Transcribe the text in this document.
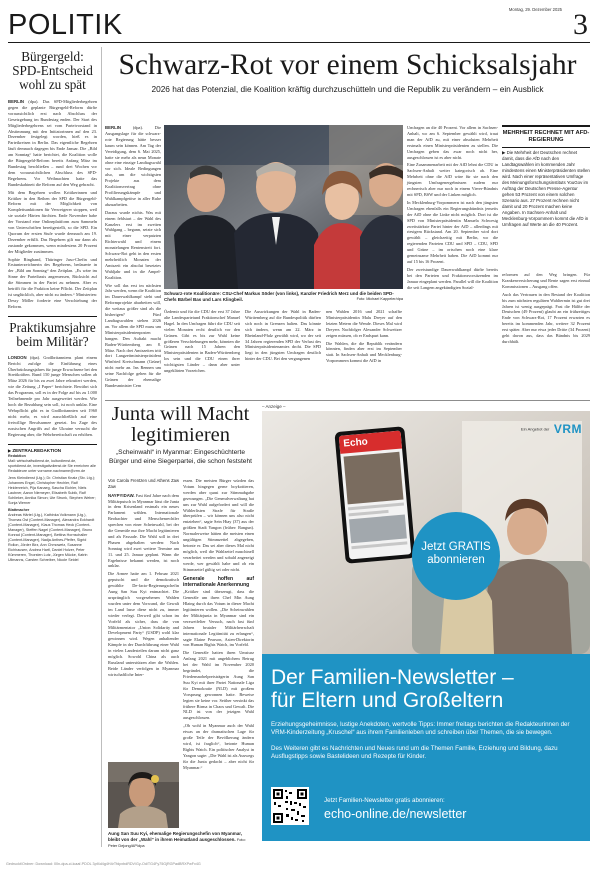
Montag, 29. Dezember 2025
POLITIK	3
Bürgergeld: SPD-Entscheid wohl zu spät

BERLIN (dpa). Das SPD-Mitgliederbegehren gegen die geplante Bürgergeld-Reform dürfte voraussichtlich erst nach Abschluss der Gesetzgebung im Bundestag enden. Der Start des Mitgliederbegehrens sei vom Parteivorstand in Abstimmung mit den Initiatorinnen auf den 23. Dezember festgelegt worden, hieß es in Parteikreisen in Berlin. Das eigentliche Begehren läuft demnach dagegen bis Ende Januar. Die „Bild am Sonntag“ hatte berichtet, die Koalition wolle die Bürgergeld-Reform bereits Anfang März im Bundestag beschließen – rund drei Wochen vor dem voraussichtlichen Abschluss des SPD-Begehrens. Vor Weihnachten hatte das Bundeskabinett die Reform auf den Weg gebracht.

Mit dem Begehren wollen Kritikerinnen und Kritiker in den Reihen der SPD die Bürgergeld-Reform mit der Möglichkeit von Komplettsanktionen für Verweigerer stoppen, weil sie soziale Härten fürchten. Ende November habe der Vorstand eine Onlineplattform zum Sammeln von Unterschriften bereitgestellt, so die SPD. Ein Quorum der ersten Stufe wurde demnach am 19. Dezember erfüllt. Das Begehren gilt nur dann als zustande gekommen, wenn mindestens 20 Prozent der Mitglieder zustimmen.

Sophie Ringhand, Thüringer Juso-Chefin und Erstunterzeichnerin des Begehrens, bedauerte in der „Bild am Sonntag“ den Zeitplan. „Es wäre im Sinne der Parteibasis angemessen, Rücksicht auf die Stimmen in der Partei zu nehmen. Aber es betrifft für die Fraktion keine Pflicht. Der Zeitplan ist unglücklich, aber nicht zu ändern.“ Ministerien: Dessy Möller forderte eine Verschiebung der Reform.

Praktikumsjahre beim Militär?

LONDON (dpa). Großbritanniens plant einem Bericht zufolge die Einführung eines Überbrückungsjahres für junge Erwachsene bei den Streitkräften. Rund 150 junge Menschen sollen ab März 2026 für bis zu zwei Jahre rekrutiert werden, wie die Zeitung „I Paper“ berichtete. Bewährt sich das Programm, soll es in der Folge auf bis zu 1.000 Teilnehmende pro Jahr ausgeweitet werden. Wie hoch die Bezahlung sein soll, ist noch unklar. Eine Wehrpflicht gibt es in Großbritannien seit 1960 nicht mehr, es wird ausschließlich auf eine freiwillige Berufsarmee gesetzt. Im Zuge des russischen Angriffs auf die Ukraine versucht die Regierung aber, die Wehrbereitschaft zu erhöhen.

▶ ZENTRALREDAKTION
Redaktion
Mail: wirtschaftsdienst.de, kulturdienst.de, sportdienst.de, investigativdienst.de Sie erreichen alle Redakteure unter vorname.nachname@vrm.de
Jens Kleindienst (Ltg.); Dr. Christian Knatz (Stv. Ltg.); Johannes Engel, Christopher Hechler, Ralf Heidenreich, Pija Kanaeg, Sascha Eichler, Niels Laubner, Aaron Niemeyer, Elisabeth Subik, Ralf Schlieker, Annika Simon; Ute Strunk, Stephen Weber; Sonja Werner
Blattmacher
Andreas Härtel (Ltg.), Kathinka Volkmann (Ltg.), Thomas Ost (Content-Manager), Alexandra Eckhardt (Content-Manager), Klaus Thomas Heck (Content-Manager), Steffen Nagel (Content-Manager), Bruno Konrad (Content-Manager), Bettina Hornschaller (Content-Manager), Nadja Anthes-Pfeifer, Sigrid Rollon, Jörder Birz, Ann Chmowetz, Susanne Eichhausen, Andrea Hartl, Daniel Holzer, Peter Kümmeren, Thorsten Lutz, Jürgen Mücke, Katrin Ullmanns, Carsten Schreiber, Nicole Seidel
Schwarz-Rot vor einem Schicksalsjahr
2026 hat das Potenzial, die Koalition kräftig durchzuschütteln und die Republik zu verändern – ein Ausblick

BERLIN	(dpa).	Die Ausgangslage für die schwarz-rote Regierung hätte besser kaum sein können. Am Tag der Vereidigung, dem 6. Mai 2025, hatte sie mehr als neun Monate ohne eine einzige Landtagswahl vor sich. Ideale Bedingungen also, um die wichtigsten Projekte aus dem Koalitionsvertrag ohne Profilierungskämpfe und Wahlkampfgetöse in aller Ruhe abzuarbeiten.

Daraus wurde nichts. Was mit einem fehlstart – der Wahl des Kanzlers erst im zweiten Wahlgang – begann, setzte sich mit einer verpatzten Richterwahl und einem monatelangen Rentenstreit fort. Schwarz-Rot geht in den ersten mehrheitlich Monaten der Amtszeit ein absolut besetztes Wahljahr und in die Ampel-Koalition.

Wie soll das erst im nächsten Jahr werden, wenn die Koalition im Dauerwahlkampf steht und Reformprojekte abarbeiten will, die weitaus größer sind als die bisherigen? Fünf Landtagswahlen stehen 2026 an. Vor allem die SPD muss um Ministerpräsidentenposten bangen. Den Auftakt macht Baden-Württemberg am 8. März. Nach drei Amtszeiten tritt dort Langzeitministerpräsident Winfried Kretschmann (Grüne) nicht mehr an. Ins Rennen um seine Nachfolge gehen für die Grünen der ehemalige Bundesminister Cem

Schwarz-rote Koalitionäre: CSU-Chef Markus Söder (von links), Kanzler Friedrich Merz und die beiden SPD-Chefs Bärbel Bas und Lars Klingbeil.	Foto: Michael Kappeler/dpa

Özdemir und für die CDU der erst 37 Jahre alte Landesparteiund Fraktionschef Manuel Hagel. In den Umfragen führt die CDU seit vielen Monaten recht deutlich vor den Grünen. Gibt es bis zur Wahl keine größeren Verschiebungen mehr, könnten die Grünen nach 15 Jahren den Ministerpräsidenten in Baden-Württemberg los sein und die CDU einen ihrer wichtigsten Länder – dann aber unter ungeklärten Vorzeichen.

Die Auswirkungen der Wahl in Baden-Württemberg auf die Bundespolitik dürften sich noch in Grenzen halten. Das könnte sich ändern, wenn am 22. März in Rheinland-Pfalz gewählt wird, wo der seit 34 Jahren regierenden SPD der Verlust des Ministerpräsidentenamtes droht. Die SPD liegt in den jüngsten Umfragen deutlich hinter der CDU. Bei den vergangenen

nen Wahlen 2016 und 2021 schaffte Ministerpräsidentin Malu Dreyer auf den letzten Metern die Wende. Dieses Mal wird Dreyers Nachfolger Alexander Schweitzer zeigen müssen, ob er Endspurt kann.

Die Wahlen, die die Republik verändern könnten, finden aber erst im September statt. In Sachsen-Anhalt und Mecklenburg-Vorpommern kommt die AfD in

Umfragen an die 40 Prozent. Vor allem in Sachsen-Anhalt, wo am 6. September gewählt wird, traut man der AfD zu, mit einer absoluten Mehrheit erstmals einen Ministerpräsidenten zu stellen. Die Umfragen geben das zwar noch nicht her, ausgeschlossen ist es aber nicht.

Eine Zusammenarbeit mit der AfD lehnt die CDU in Sachsen-Anhalt weiter kategorisch ab. Eine Mehrheit ohne die AfD wäre für sie nach den jüngsten Umfragenergebnissen zudem nur rechnerisch aber nur noch in einem Vierer-Bündnis mit SPD, BSW und der Linken möglich.

In Mecklenburg-Vorpommern ist nach den jüngsten Umfragen ebenfalls ein Regierungsbündnis jenseits der AfD ohne die Linke nicht möglich. Dort ist die SPD von Ministerpräsidentin Manuela Schwesig zweitstärkste Partei hinter der AfD – allerdings mit riesigem Rückstand. Am 20. September wird dort gewählt – gleichzeitig mit Berlin, wo die regierenden Parteien CDU und SPD – CDU, SPD und Grüne – im ortschen noch eine klare gemeinsame Mehrheit haben. Die AfD kommt nur auf 15 bis 16 Prozent.

Der zweistundige Dauerwahlkampf dürfte bereits bei den Parteien und Fraktionsvorsitzenden im Januar eingeplant werden. Parallel will die Koalition die seit Langem angekündigten Sozial-

MEHRHEIT RECHNET MIT AFD-REGIERUNG
▶ Die Mehrheit der Deutschen rechnet damit, dass die AfD nach den Landtagswahlen im kommenden Jahr mindestens einen Ministerpräsidenten stellen wird. Nach einer repräsentativen Umfrage des Meinungsforschungsinstituts YouGov im Auftrag der Deutschen Presse-Agentur gehen 53 Prozent von einem solchen Szenario aus. 27 Prozent rechnen nicht damit und 20 Prozent machen keine Angaben. In Sachsen-Anhalt und Mecklenburg-Vorpommern kommt die AfD in Umfragen auf Werte an die 40 Prozent.

reformen auf den Weg bringen. Für Krankenversicherung und Rente sagen erst einmal Kommissionen – Ausgang offen.

Auch das Vertrauen in den Bestand der Koalition bis zum nächsten regulären Wahltermin ist gut drei Jahren ist wenig ausgeprägt. Fast die Hälfte der Deutschen (49 Prozent) glaubt an ein frühzeitiges Ende von Schwarz-Rot, 17 Prozent erwarten es bereits im kommenden Jahr, weitere 32 Prozent erst später. Aber nur etwa jeder Dritte (34 Prozent) geht davon aus, dass das Bündnis bis 2029 durchhält.

Junta will Macht legitimieren
„Scheinwahl“ in Myanmar: Eingeschüchterte Bürger und eine Siegerpartei, die schon feststeht
Von Carola Frentzen und Athens Zaw Zaw

NAYPYIDAW. Fast fünf Jahre nach dem Militärputsch in Myanmar lässt die Junta in dem Krisenland erstmals ein neues Parlament wählen. Internationale Beobachter und Menschenrechtler sprechen von einer Scheinwahl, bei der die Generäle nur ihre Macht legitimieren und als Fassade. Die Wahl soll in drei Phasen abgehalten werden: Nach Sonntag wird zwei weitere Termine am 11. und 25. Januar geplant. Wann die Ergebnisse bekannt werden, ist noch unklar.

Die Armee hatte am 1. Februar 2021 geputscht und die demokratisch gewählte De-facto-Regierungschefin Aung San Suu Kyi entmachtet. Die ursprünglich vorgesehenen Wahlen wurden unter dem Vorwand, die Gewalt im Land lasse diese nicht zu, immer wieder verlegt. Derweil gibt schon im Vorfeld als sicher, dass die von Militärmentator „Union Solidarity and Development Party“ (USDP) wohl klar gewinnen wird. Wegen anhaltender Kämpfe in der Durchführung einer Wahl in vielen Landesteilen darum nicht ganz möglich. Sowohl China als auch Russland unterstützen aber die Wahlen. Beide Länder verfolgen in Myanmar wirtschaftliche Inter-

essen. Die meisten Bürger würden das Votum hingegen gerne boykottieren, werden aber quasi zur Stimmabgabe gezwungen. „Die Generalverwaltung hat uns zur Wahl aufgefordert und will die Wählerlisten Strafe für Straße überprüfen – wir können uns also nicht entziehen“, sagte Sein Htay (37) aus der größten Stadt Yangon (früher: Rangun). Normalerweise hätten die meisten einen ungültigen Stimmzettel abgegeben, betonte er. Das sei aber dieses Mal nicht möglich, weil die Wahlzettel maschinell verarbeitet werden und sobald angezeigt werde, wer gewählt habe und ob ein Stimmzettel gültig sei oder nicht.

Generale hoffen auf internationale Anerkennung

„Kritiker sind überzeugt, dass die Generäle um ihren Chef Min Aung Hlaing durch das Votum in dieser Macht legitimieren wollen. „Die Scheinwahlen der Militärjunta in Myanmar sind ein verzweifelter Versuch, nach fast fünf Jahren brutaler Militärherrschaft internationale Legitimität zu erlangen“, sagte Elaine Pearson, Asien-Direktorin von Human Rights Watch, im Vorfeld.

Die Generäle hatten ihren Umsturz Anfang 2021 mit angeblichem Betrug bei der Wahl im November 2020 begründet, die Friedensnobelpreisträgerin Aung San Suu Kyi mit ihrer Partei Nationale Liga für Demokratie (NLD) mit großem Vorsprung gewonnen hatte. Beweise legten sie keine vor. Seither versinkt das frühere Birma in Chaos und Gewalt. Die NLD ist von der jetzigen Wahl ausgeschlossen.

„Ob wohl in Myanmar auch der Wahl etwas an der dramatischen Lage für große Teile der Bevölkerung ändern wird, ist fraglich“, betonte Human Rights Watch. Ein politischer Analyst in Yangon sagte: „Die Wahl ist als Auswegs für die Junta gedacht – aber nicht für Myanmar.“

Aung San Suu Kyi, ehemalige Regierungschefin von Myanmar, bleibt von der „Wahl“ in ihrem Heimatland ausgeschlossen. Foto: Peter Dejong/AP/dpa
– Anzeige –
Ein Angebot der VRM
Echo
Jetzt GRATIS
abonnieren
Der Familien-Newsletter –
für Eltern und Großeltern
Erziehungsgeheimnisse, lustige Anekdoten, wertvolle Tipps: Immer freitags berichten die Redakteurinnen der VRM-Kinderzeitung „Kruschel“ aus ihrem Familienleben und schreiben über Themen, die sie bewegen.
Des Weiteren gibt es Nachrichten und Neues rund um die Themen Familie, Erziehung und Bildung, dazu Ausflugstipps sowie Bastelideen und Rezepte für Kinder.
Jetzt Familien-Newsletter gratis abonnieren:
echo-online.de/newsletter
Gedruckt/Ordner: Download: 00n-dpa-ci-lcaaf-PDOL 3pf4d4g4H4rTfdpxbdRDV/Gy-Od/TG4Fy75GjRGPadBRXPwFx4G
